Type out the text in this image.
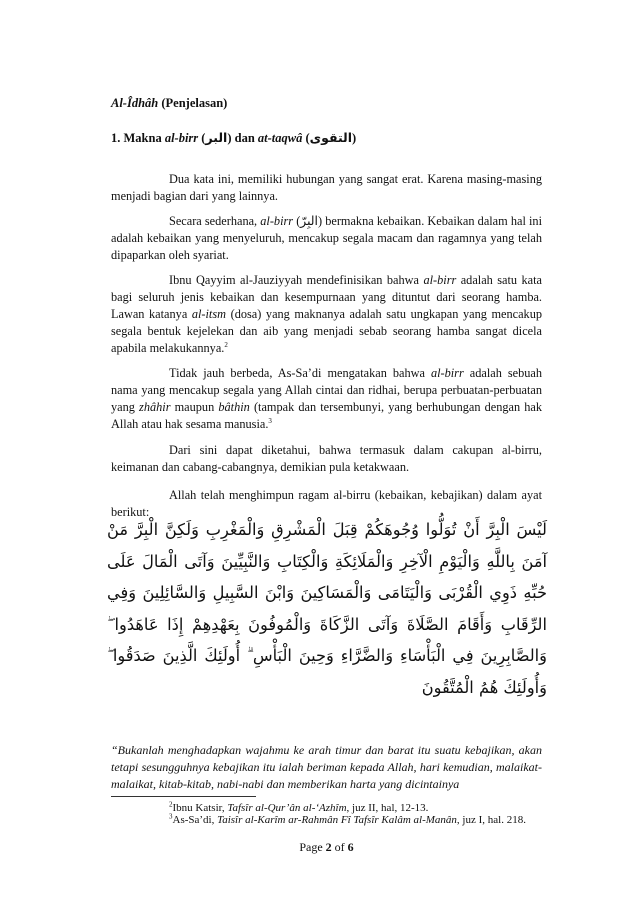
Al-Îdhâh (Penjelasan)
1. Makna al-birr (البر) dan at-taqwâ (التقوى)

Dua kata ini, memiliki hubungan yang sangat erat. Karena masing-masing menjadi bagian dari yang lainnya.

Secara sederhana, al-birr (البِرّ) bermakna kebaikan. Kebaikan dalam hal ini adalah kebaikan yang menyeluruh, mencakup segala macam dan ragamnya yang telah dipaparkan oleh syariat.

Ibnu Qayyim al-Jauziyyah mendefinisikan bahwa al-birr adalah satu kata bagi seluruh jenis kebaikan dan kesempurnaan yang dituntut dari seorang hamba. Lawan katanya al-itsm (dosa) yang maknanya adalah satu ungkapan yang mencakup segala bentuk kejelekan dan aib yang menjadi sebab seorang hamba sangat dicela apabila melakukannya.$^2$

Tidak jauh berbeda, As-Sa’di mengatakan bahwa al-birr adalah sebuah nama yang mencakup segala yang Allah cintai dan ridhai, berupa perbuatan-perbuatan yang zhâhir maupun bâthin (tampak dan tersembunyi, yang berhubungan dengan hak Allah atau hak sesama manusia.$^3$

Dari sini dapat diketahui, bahwa termasuk dalam cakupan al-birru, keimanan dan cabang-cabangnya, demikian pula ketakwaan.

Allah telah menghimpun ragam al-birru (kebaikan, kebajikan) dalam ayat berikut:

لَيْسَ الْبِرَّ أَنْ تُوَلُّوا وُجُوهَكُمْ قِبَلَ الْمَشْرِقِ وَالْمَغْرِبِ وَلَكِنَّ الْبِرَّ مَنْ آمَنَ بِاللَّهِ وَالْيَوْمِ الْآخِرِ وَالْمَلَائِكَةِ وَالْكِتَابِ وَالنَّبِيِّينَ وَآتَى الْمَالَ عَلَى حُبِّهِ ذَوِي الْقُرْبَى وَالْيَتَامَى وَالْمَسَاكِينَ وَابْنَ السَّبِيلِ وَالسَّائِلِينَ وَفِي الرِّقَابِ وَأَقَامَ الصَّلَاةَ وَآتَى الزَّكَاةَ وَالْمُوفُونَ بِعَهْدِهِمْ إِذَا عَاهَدُوا ۖ وَالصَّابِرِينَ فِي الْبَأْسَاءِ وَالضَّرَّاءِ وَحِينَ الْبَأْسِ ۗ أُولَئِكَ الَّذِينَ صَدَقُوا ۖ وَأُولَئِكَ هُمُ الْمُتَّقُونَ

“Bukanlah menghadapkan wajahmu ke arah timur dan barat itu suatu kebajikan, akan tetapi sesungguhnya kebajikan itu ialah beriman kepada Allah, hari kemudian, malaikat-malaikat, kitab-kitab, nabi-nabi dan memberikan harta yang dicintainya

$^2$Ibnu Katsir, Tafsîr al-Qur’ân al-‘Azhîm, juz II, hal, 12-13.

$^3$As-Sa’di, Taisîr al-Karîm ar-Rahmân Fî Tafsîr Kalâm al-Manân, juz I, hal. 218.

Page 2 of 6
